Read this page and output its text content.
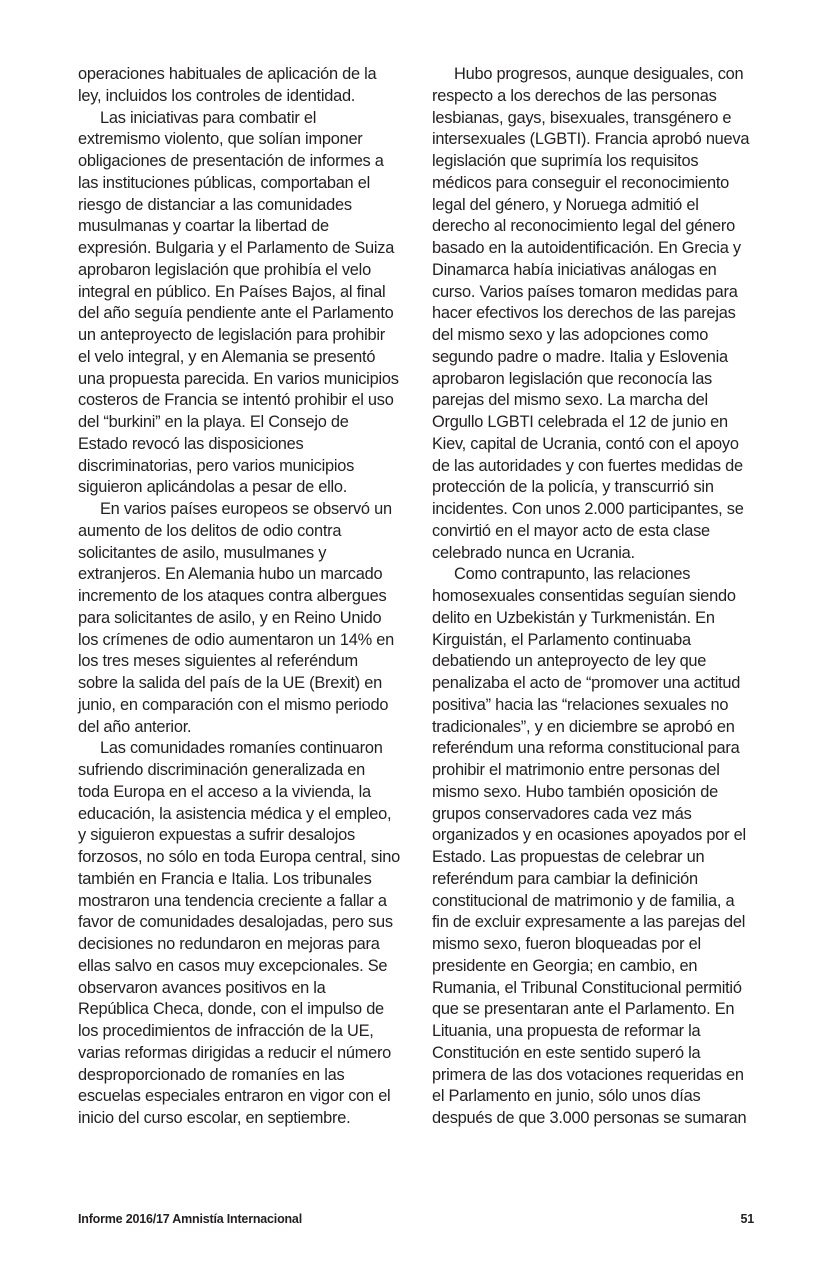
operaciones habituales de aplicación de la ley, incluidos los controles de identidad.

Las iniciativas para combatir el extremismo violento, que solían imponer obligaciones de presentación de informes a las instituciones públicas, comportaban el riesgo de distanciar a las comunidades musulmanas y coartar la libertad de expresión. Bulgaria y el Parlamento de Suiza aprobaron legislación que prohibía el velo integral en público. En Países Bajos, al final del año seguía pendiente ante el Parlamento un anteproyecto de legislación para prohibir el velo integral, y en Alemania se presentó una propuesta parecida. En varios municipios costeros de Francia se intentó prohibir el uso del “burkini” en la playa. El Consejo de Estado revocó las disposiciones discriminatorias, pero varios municipios siguieron aplicándolas a pesar de ello.

En varios países europeos se observó un aumento de los delitos de odio contra solicitantes de asilo, musulmanes y extranjeros. En Alemania hubo un marcado incremento de los ataques contra albergues para solicitantes de asilo, y en Reino Unido los crímenes de odio aumentaron un 14% en los tres meses siguientes al referéndum sobre la salida del país de la UE (Brexit) en junio, en comparación con el mismo periodo del año anterior.

Las comunidades romaníes continuaron sufriendo discriminación generalizada en toda Europa en el acceso a la vivienda, la educación, la asistencia médica y el empleo, y siguieron expuestas a sufrir desalojos forzosos, no sólo en toda Europa central, sino también en Francia e Italia. Los tribunales mostraron una tendencia creciente a fallar a favor de comunidades desalojadas, pero sus decisiones no redundaron en mejoras para ellas salvo en casos muy excepcionales. Se observaron avances positivos en la República Checa, donde, con el impulso de los procedimientos de infracción de la UE, varias reformas dirigidas a reducir el número desproporcionado de romaníes en las escuelas especiales entraron en vigor con el inicio del curso escolar, en septiembre.

Hubo progresos, aunque desiguales, con respecto a los derechos de las personas lesbianas, gays, bisexuales, transgénero e intersexuales (LGBTI). Francia aprobó nueva legislación que suprimía los requisitos médicos para conseguir el reconocimiento legal del género, y Noruega admitió el derecho al reconocimiento legal del género basado en la autoidentificación. En Grecia y Dinamarca había iniciativas análogas en curso. Varios países tomaron medidas para hacer efectivos los derechos de las parejas del mismo sexo y las adopciones como segundo padre o madre. Italia y Eslovenia aprobaron legislación que reconocía las parejas del mismo sexo. La marcha del Orgullo LGBTI celebrada el 12 de junio en Kiev, capital de Ucrania, contó con el apoyo de las autoridades y con fuertes medidas de protección de la policía, y transcurrió sin incidentes. Con unos 2.000 participantes, se convirtió en el mayor acto de esta clase celebrado nunca en Ucrania.

Como contrapunto, las relaciones homosexuales consentidas seguían siendo delito en Uzbekistán y Turkmenistán. En Kirguistán, el Parlamento continuaba debatiendo un anteproyecto de ley que penalizaba el acto de “promover una actitud positiva” hacia las “relaciones sexuales no tradicionales”, y en diciembre se aprobó en referéndum una reforma constitucional para prohibir el matrimonio entre personas del mismo sexo. Hubo también oposición de grupos conservadores cada vez más organizados y en ocasiones apoyados por el Estado. Las propuestas de celebrar un referéndum para cambiar la definición constitucional de matrimonio y de familia, a fin de excluir expresamente a las parejas del mismo sexo, fueron bloqueadas por el presidente en Georgia; en cambio, en Rumania, el Tribunal Constitucional permitió que se presentaran ante el Parlamento. En Lituania, una propuesta de reformar la Constitución en este sentido superó la primera de las dos votaciones requeridas en el Parlamento en junio, sólo unos días después de que 3.000 personas se sumaran

Informe 2016/17 Amnistía Internacional	51
